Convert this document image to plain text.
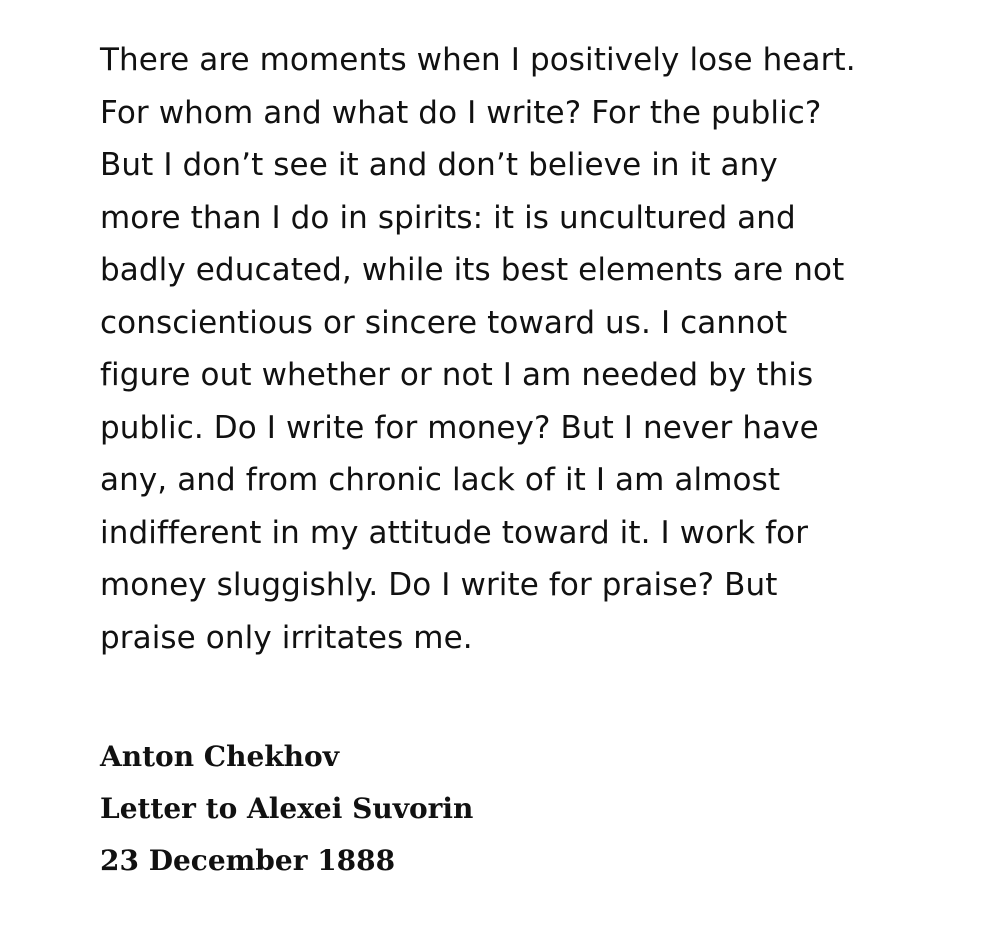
There are moments when I positively lose heart.
For whom and what do I write? For the public?
But I don’t see it and don’t believe in it any
more than I do in spirits: it is uncultured and
badly educated, while its best elements are not
conscientious or sincere toward us. I cannot
figure out whether or not I am needed by this
public. Do I write for money? But I never have
any, and from chronic lack of it I am almost
indifferent in my attitude toward it. I work for
money sluggishly. Do I write for praise? But
praise only irritates me.
Anton Chekhov
Letter to Alexei Suvorin
23 December 1888
